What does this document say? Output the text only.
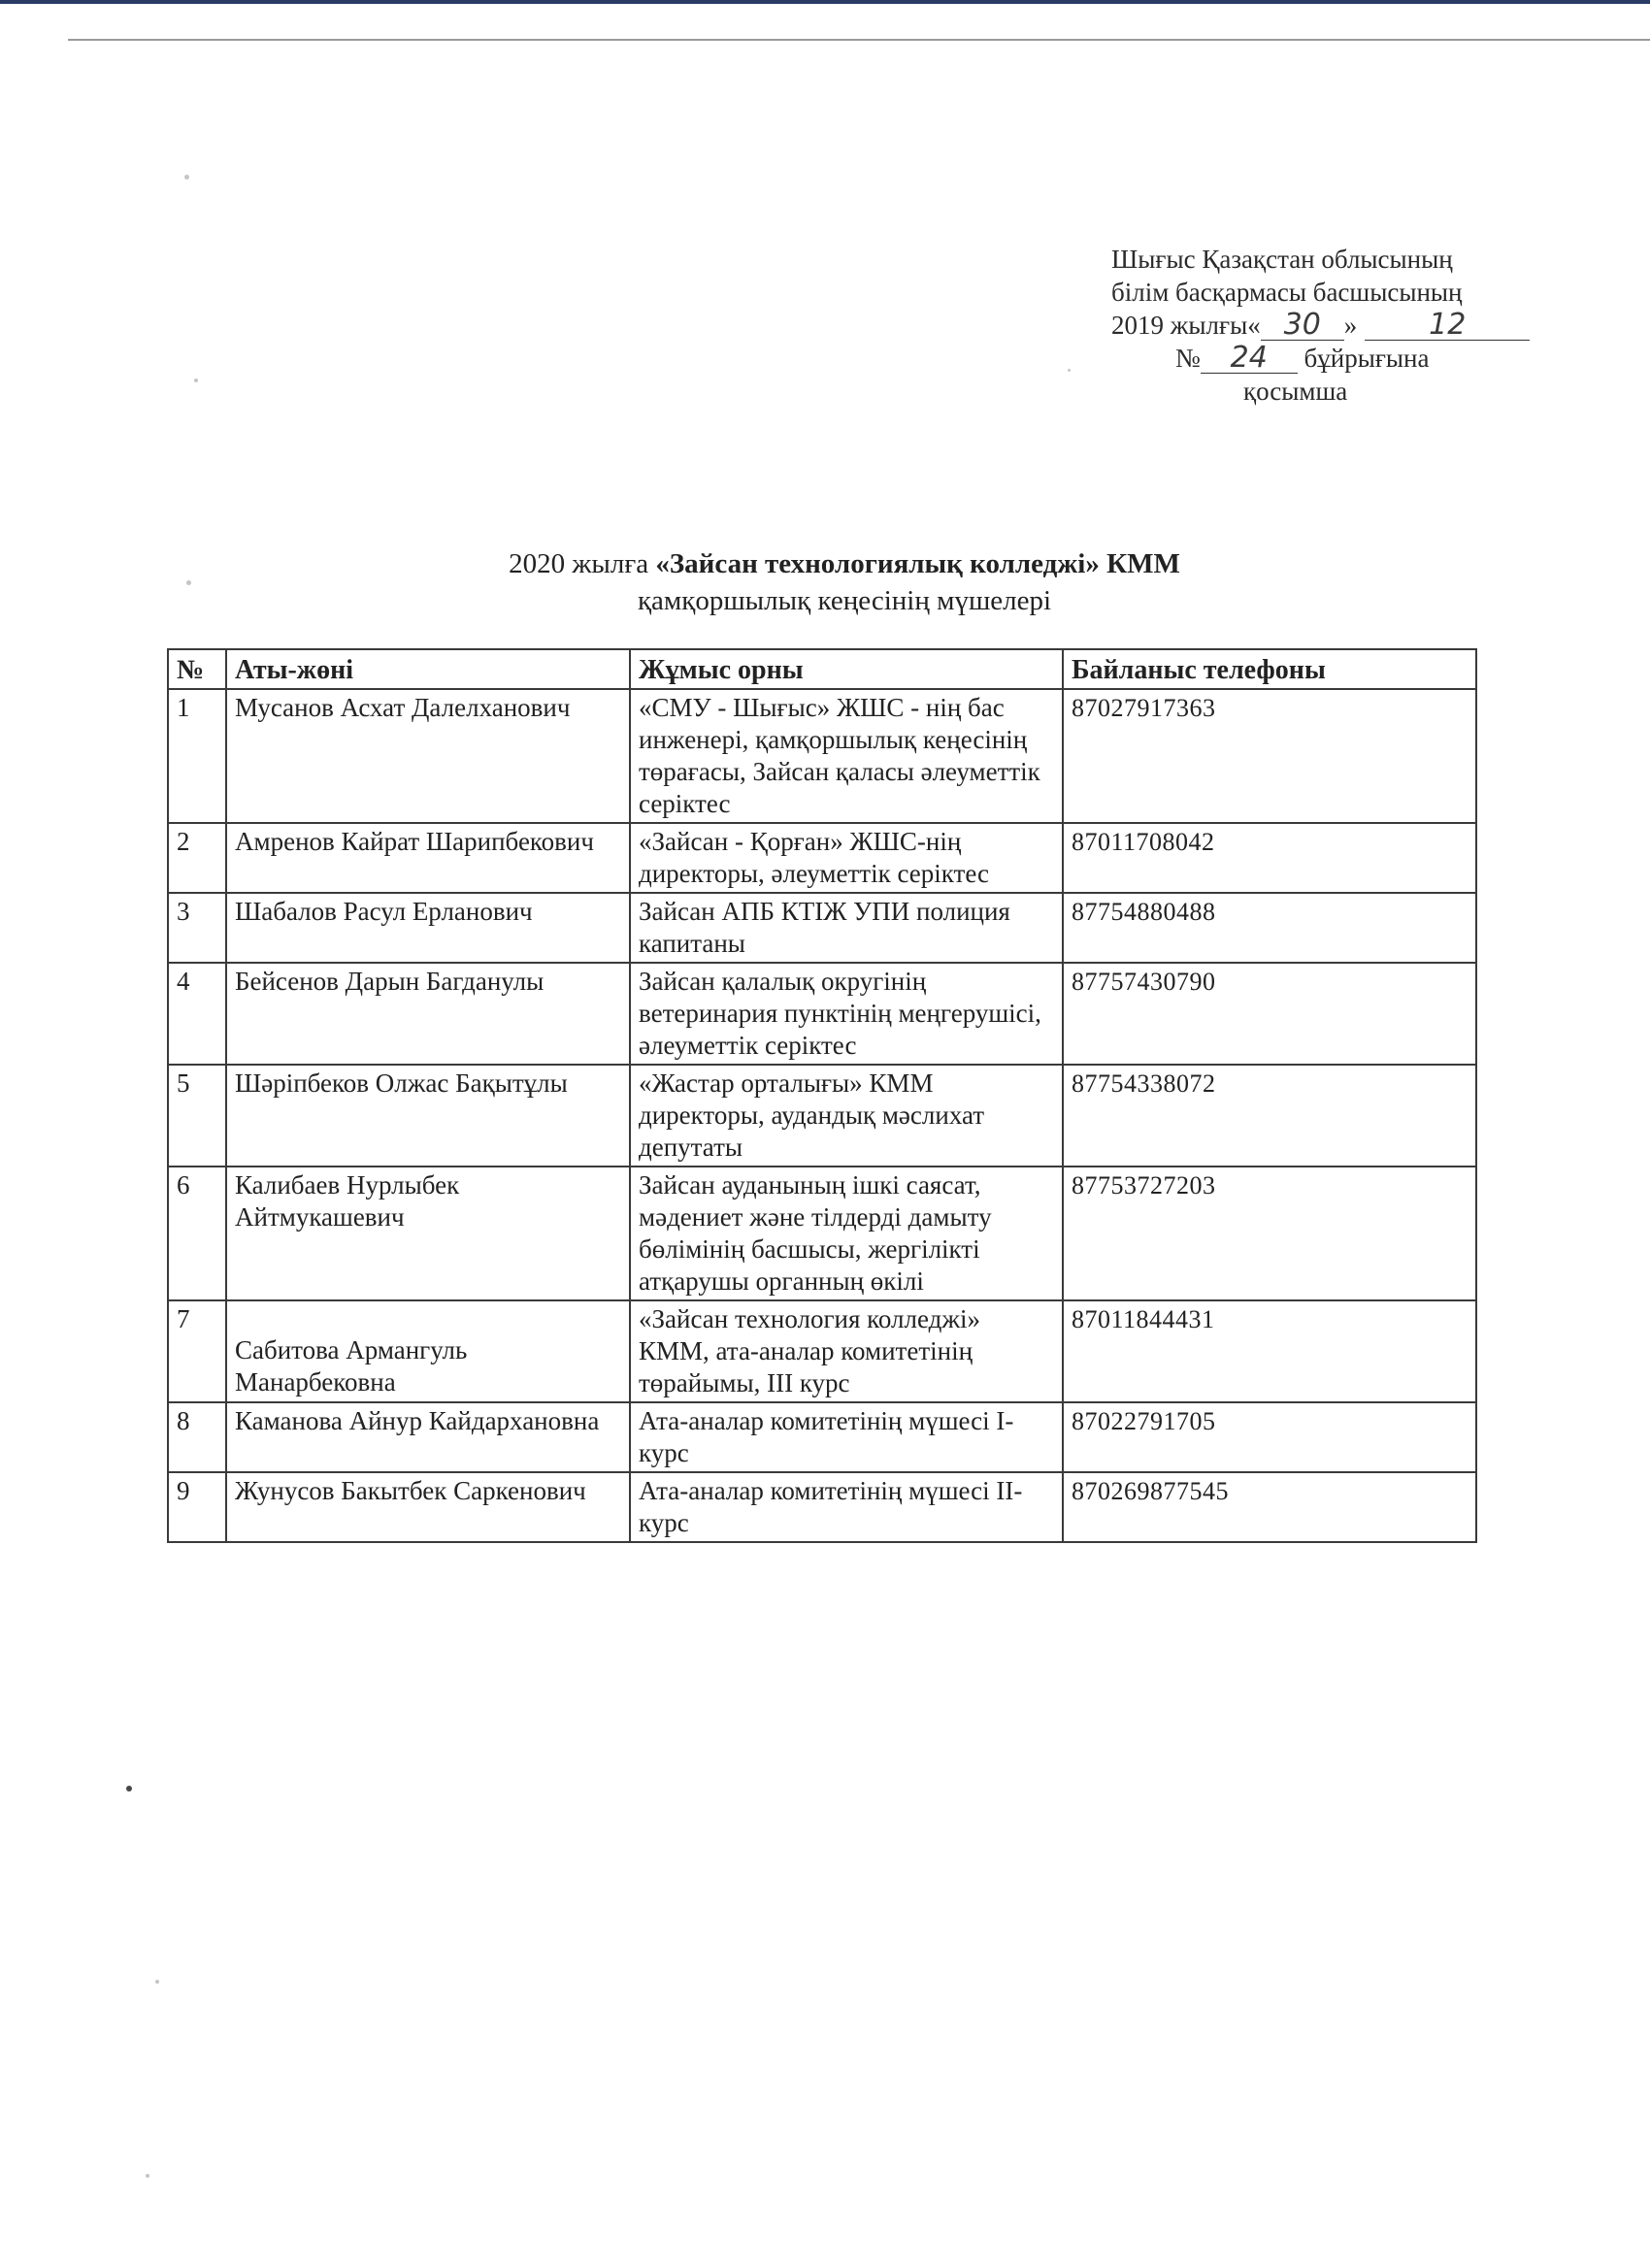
Шығыс Қазақстан облысының
білім басқармасы басшысының
2019 жылғы« 30 » 12
№ 24 бұйрығына
қосымша
2020 жылға «Зайсан технологиялық колледжі» КММ
қамқоршылық кеңесінің мүшелері
№	Аты-жөні	Жұмыс орны	Байланыс телефоны
1	Мусанов Асхат Далелханович	«СМУ - Шығыс» ЖШС - нің бас инженері, қамқоршылық кеңесінің төрағасы, Зайсан қаласы әлеуметтік серіктес	87027917363
2	Амренов Кайрат Шарипбекович	«Зайсан - Қорған» ЖШС-нің директоры, әлеуметтік серіктес	87011708042
3	Шабалов Расул Ерланович	Зайсан АПБ КТІЖ УПИ полиция капитаны	87754880488
4	Бейсенов Дарын Багданулы	Зайсан қалалық округінің ветеринария пунктінің меңгерушісі, әлеуметтік серіктес	87757430790
5	Шәріпбеков Олжас Бақытұлы	«Жастар орталығы» КММ директоры, аудандық мәслихат депутаты	87754338072
6	Калибаев Нурлыбек Айтмукашевич	Зайсан ауданының ішкі саясат, мәдениет және тілдерді дамыту бөлімінің басшысы, жергілікті атқарушы органның өкілі	87753727203
7	Сабитова Армангуль Манарбековна	«Зайсан технология колледжі» КММ, ата-аналар комитетінің төрайымы, ІІІ курс	87011844431
8	Каманова Айнур Кайдархановна	Ата-аналар комитетінің мүшесі І-курс	87022791705
9	Жунусов Бакытбек Саркенович	Ата-аналар комитетінің мүшесі ІІ-курс	870269877545
